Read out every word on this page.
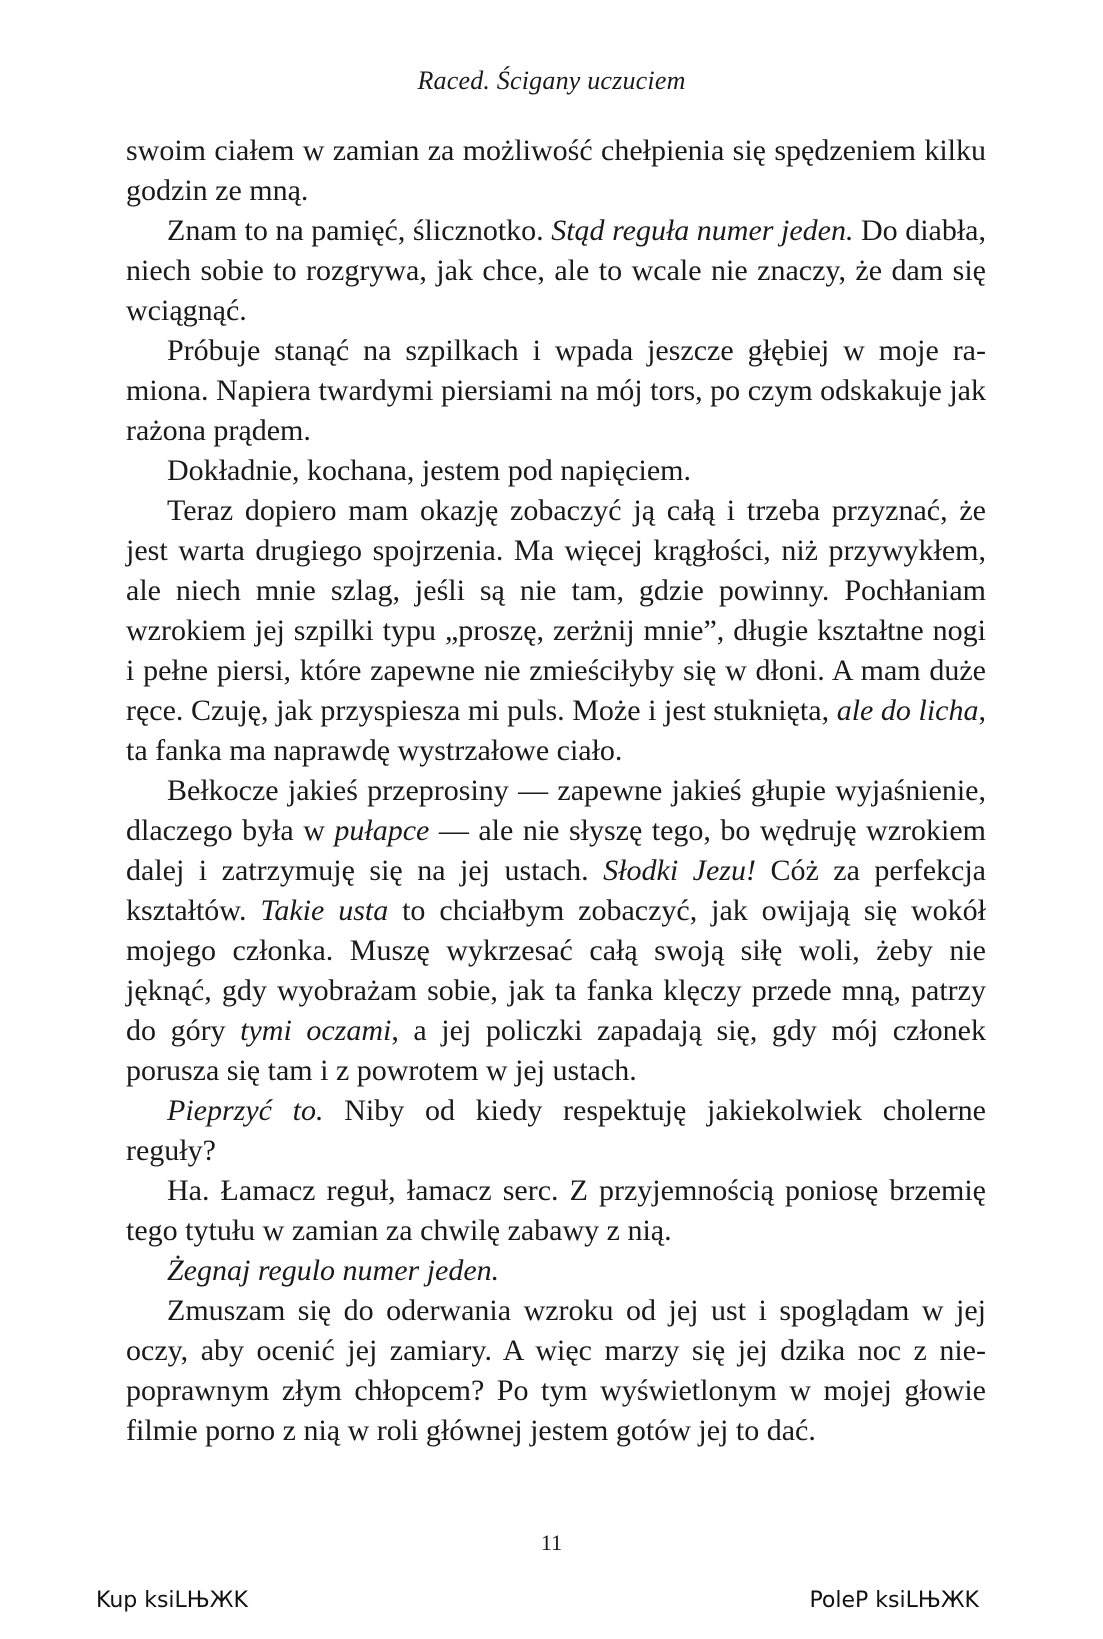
Raced. Ścigany uczuciem

swoim ciałem w zamian za możliwość chełpienia się spędzeniem kilku godzin ze mną.

Znam to na pamięć, ślicznotko. Stąd reguła numer jeden. Do diabła, niech sobie to rozgrywa, jak chce, ale to wcale nie znaczy, że dam się wciągnąć.

Próbuje stanąć na szpilkach i wpada jeszcze głębiej w moje ramiona. Napiera twardymi piersiami na mój tors, po czym odskakuje jak rażona prądem.

Dokładnie, kochana, jestem pod napięciem.

Teraz dopiero mam okazję zobaczyć ją całą i trzeba przyznać, że jest warta drugiego spojrzenia. Ma więcej krągłości, niż przywykłem, ale niech mnie szlag, jeśli są nie tam, gdzie powinny. Pochłaniam wzrokiem jej szpilki typu „proszę, zerżnij mnie”, długie kształtne nogi i pełne piersi, które zapewne nie zmieściłyby się w dłoni. A mam duże ręce. Czuję, jak przyspiesza mi puls. Może i jest stuknięta, ale do licha, ta fanka ma naprawdę wystrzałowe ciało.

Bełkocze jakieś przeprosiny — zapewne jakieś głupie wyjaśnienie, dlaczego była w pułapce — ale nie słyszę tego, bo wędruję wzrokiem dalej i zatrzymuję się na jej ustach. Słodki Jezu! Cóż za perfekcja kształtów. Takie usta to chciałbym zobaczyć, jak owijają się wokół mojego członka. Muszę wykrzesać całą swoją siłę woli, żeby nie jęknąć, gdy wyobrażam sobie, jak ta fanka klęczy przede mną, patrzy do góry tymi oczami, a jej policzki zapadają się, gdy mój członek porusza się tam i z powrotem w jej ustach.

Pieprzyć to. Niby od kiedy respektuję jakiekolwiek cholerne reguły?

Ha. Łamacz reguł, łamacz serc. Z przyjemnością poniosę brzemię tego tytułu w zamian za chwilę zabawy z nią.

Żegnaj regulo numer jeden.

Zmuszam się do oderwania wzroku od jej ust i spoglądam w jej oczy, aby ocenić jej zamiary. A więc marzy się jej dzika noc z niepoprawnym złym chłopcem? Po tym wyświetlonym w mojej głowie filmie porno z nią w roli głównej jestem gotów jej to dać.

11
Kup ksiLЊЖK	PoleP ksiLЊЖK
